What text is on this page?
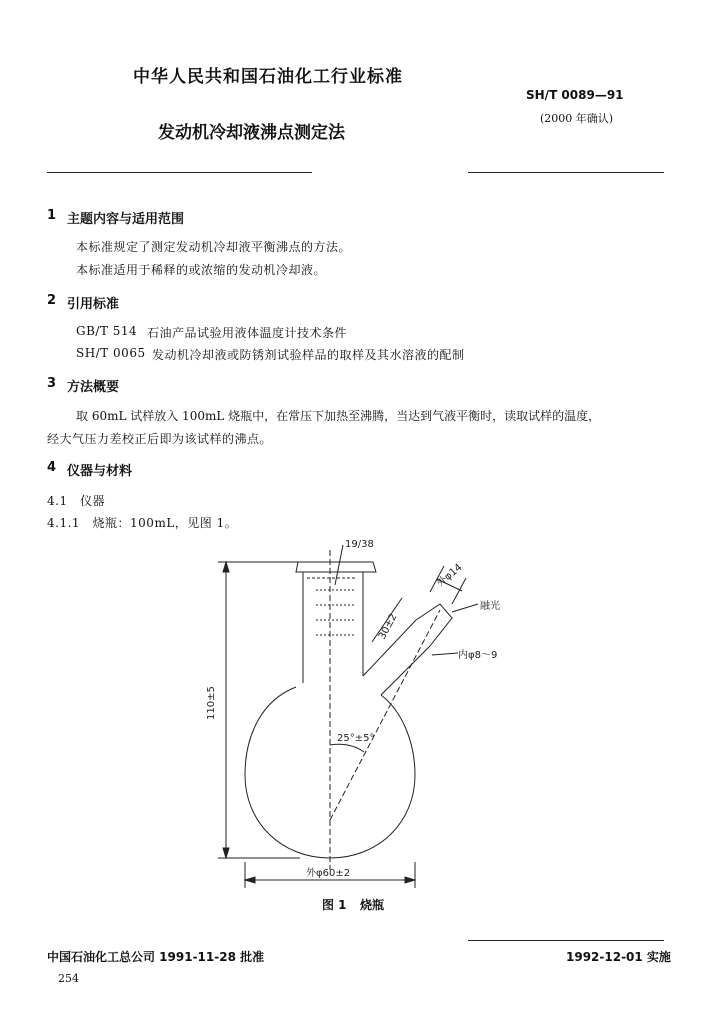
中华人民共和国石油化工行业标准
SH/T 0089—91
发动机冷却液沸点测定法
(2000 年确认)
1 主题内容与适用范围
本标准规定了测定发动机冷却液平衡沸点的方法。
本标准适用于稀释的或浓缩的发动机冷却液。
2 引用标准
GB/T 514 石油产品试验用液体温度计技术条件
SH/T 0065 发动机冷却液或防锈剂试验样品的取样及其水溶液的配制
3 方法概要
取 60mL 试样放入 100mL 烧瓶中，在常压下加热至沸腾，当达到气液平衡时，读取试样的温度，
经大气压力差校正后即为该试样的沸点。
4 仪器与材料
4.1　仪器
4.1.1　烧瓶：100mL，见图 1。
19/38
外φ14
融光
内φ8～9
30±2
25°±5°
110±5
外φ60±2
图 1 烧瓶
中国石油化工总公司 1991-11-28 批准	1992-12-01 实施
254
